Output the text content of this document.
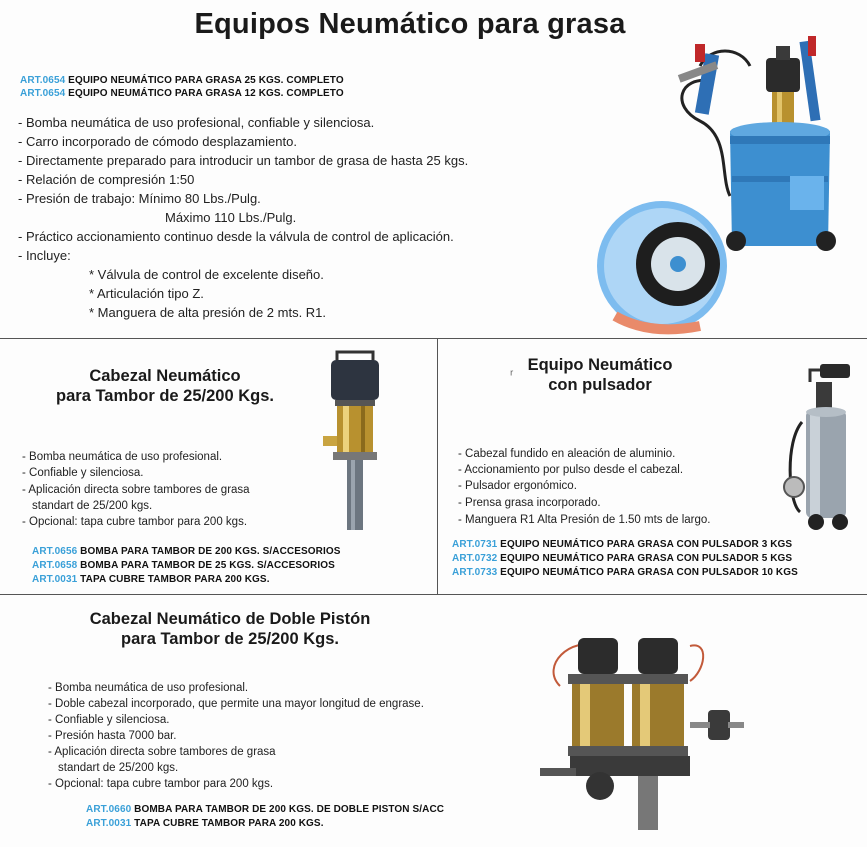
Equipos Neumático para grasa
ART.0654 EQUIPO NEUMÁTICO PARA GRASA 25 KGS. COMPLETO
ART.0654 EQUIPO NEUMÁTICO PARA GRASA 12 KGS. COMPLETO
- Bomba neumática de uso profesional, confiable y silenciosa.
- Carro incorporado de cómodo desplazamiento.
- Directamente preparado para introducir un tambor de grasa de hasta 25 kgs.
- Relación de compresión 1:50
- Presión de trabajo: Mínimo 80 Lbs./Pulg.
Máximo 110 Lbs./Pulg.
- Práctico accionamiento continuo desde la válvula de control de aplicación.
- Incluye:
* Válvula de control de excelente diseño.
* Articulación tipo Z.
* Manguera de alta presión de 2 mts. R1.
Cabezal Neumático
para Tambor de 25/200 Kgs.
- Bomba neumática de uso profesional.
- Confiable y silenciosa.
- Aplicación directa sobre tambores de grasa
standart de 25/200 kgs.
- Opcional: tapa cubre tambor para 200 kgs.
ART.0656 BOMBA PARA TAMBOR DE 200 KGS. S/ACCESORIOS
ART.0658 BOMBA PARA TAMBOR DE 25 KGS. S/ACCESORIOS
ART.0031 TAPA CUBRE TAMBOR PARA 200 KGS.
Equipo Neumático
con pulsador
ʳ
- Cabezal fundido en aleación de aluminio.
- Accionamiento por pulso desde el cabezal.
- Pulsador ergonómico.
- Prensa grasa incorporado.
- Manguera R1 Alta Presión de 1.50 mts de largo.
ART.0731 EQUIPO NEUMÁTICO PARA GRASA CON PULSADOR 3 KGS
ART.0732 EQUIPO NEUMÁTICO PARA GRASA CON PULSADOR 5 KGS
ART.0733 EQUIPO NEUMÁTICO PARA GRASA CON PULSADOR 10 KGS
Cabezal Neumático de Doble Pistón
para Tambor de 25/200 Kgs.
- Bomba neumática de uso profesional.
- Doble cabezal incorporado, que permite una mayor longitud de engrase.
- Confiable y silenciosa.
- Presión hasta 7000 bar.
- Aplicación directa sobre tambores de grasa
standart de 25/200 kgs.
- Opcional: tapa cubre tambor para 200 kgs.
ART.0660 BOMBA PARA TAMBOR DE 200 KGS. DE DOBLE PISTON S/ACC
ART.0031 TAPA CUBRE TAMBOR PARA 200 KGS.
